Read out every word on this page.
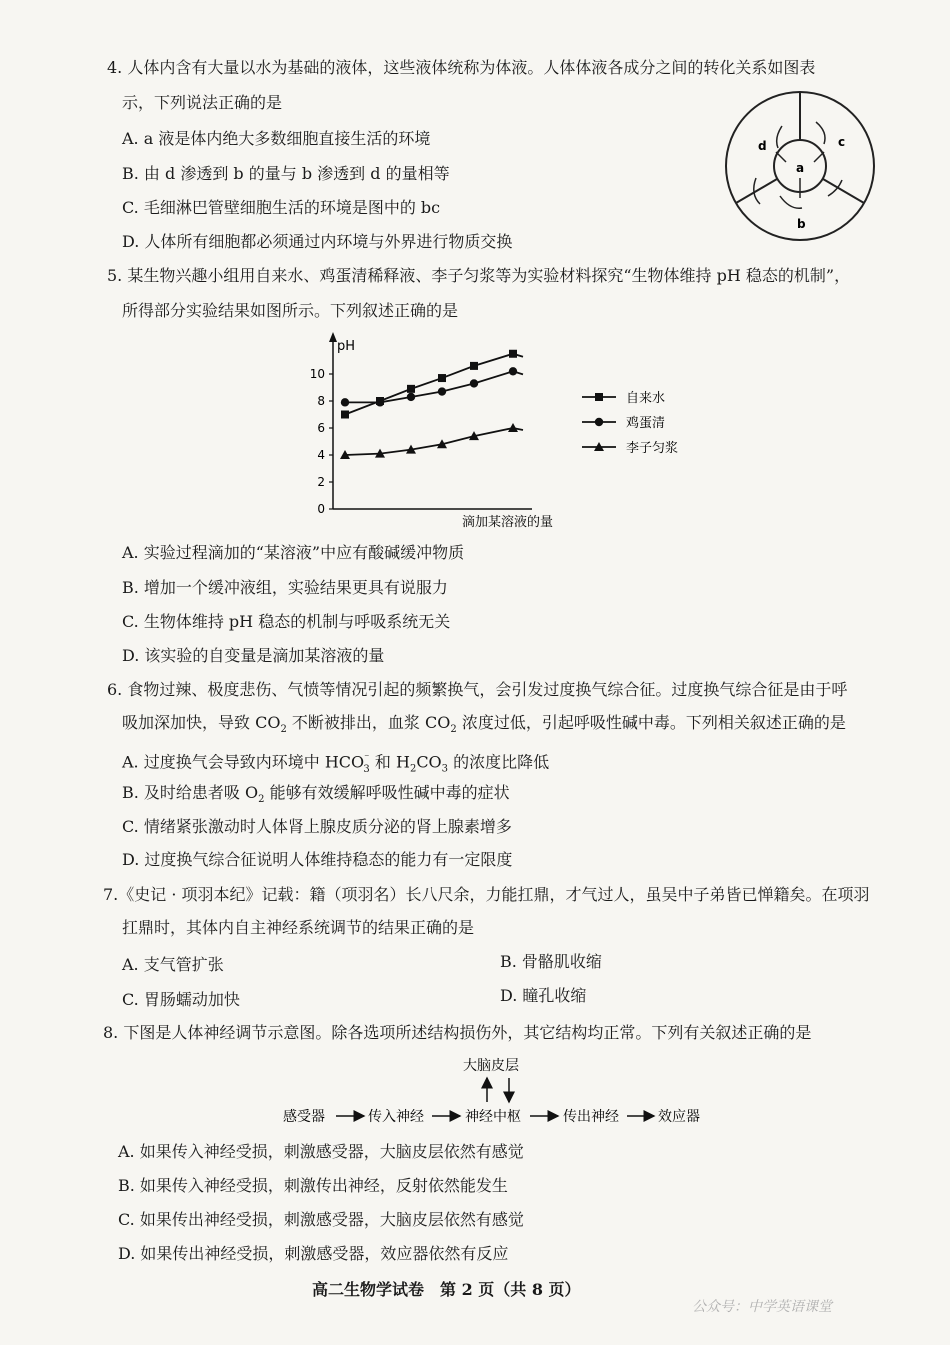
4. 人体内含有大量以水为基础的液体，这些液体统称为体液。人体体液各成分之间的转化关系如图表
示，下列说法正确的是
A. a 液是体内绝大多数细胞直接生活的环境
B. 由 d 渗透到 b 的量与 b 渗透到 d 的量相等
C. 毛细淋巴管壁细胞生活的环境是图中的 bc
D. 人体所有细胞都必须通过内环境与外界进行物质交换
a
b
c
d
5. 某生物兴趣小组用自来水、鸡蛋清稀释液、李子匀浆等为实验材料探究“生物体维持 pH 稳态的机制”，
所得部分实验结果如图所示。下列叙述正确的是
pH
滴加某溶液的量
0
2
4
6
8
10
自来水
鸡蛋清
李子匀浆
A. 实验过程滴加的“某溶液”中应有酸碱缓冲物质
B. 增加一个缓冲液组，实验结果更具有说服力
C. 生物体维持 pH 稳态的机制与呼吸系统无关
D. 该实验的自变量是滴加某溶液的量
6. 食物过辣、极度悲伤、气愤等情况引起的频繁换气，会引发过度换气综合征。过度换气综合征是由于呼
吸加深加快，导致 $CO_2$ 不断被排出，血浆 $CO_2$ 浓度过低，引起呼吸性碱中毒。下列相关叙述正确的是
A. 过度换气会导致内环境中 $HCO^{^-}_3$ 和 $H_2CO_3$ 的浓度比降低
B. 及时给患者吸 $O_2$ 能够有效缓解呼吸性碱中毒的症状
C. 情绪紧张激动时人体肾上腺皮质分泌的肾上腺素增多
D. 过度换气综合征说明人体维持稳态的能力有一定限度
7.《史记 · 项羽本纪》记载：籍（项羽名）长八尺余，力能扛鼎，才气过人，虽吴中子弟皆已惮籍矣。在项羽
扛鼎时，其体内自主神经系统调节的结果正确的是
A. 支气管扩张	B. 骨骼肌收缩
C. 胃肠蠕动加快	D. 瞳孔收缩
8. 下图是人体神经调节示意图。除各选项所述结构损伤外，其它结构均正常。下列有关叙述正确的是
大脑皮层
感受器	传入神经	神经中枢	传出神经	效应器
A. 如果传入神经受损，刺激感受器，大脑皮层依然有感觉
B. 如果传入神经受损，刺激传出神经，反射依然能发生
C. 如果传出神经受损，刺激感受器，大脑皮层依然有感觉
D. 如果传出神经受损，刺激感受器，效应器依然有反应
高二生物学试卷　第 2 页（共 8 页）
公众号：中学英语课堂
